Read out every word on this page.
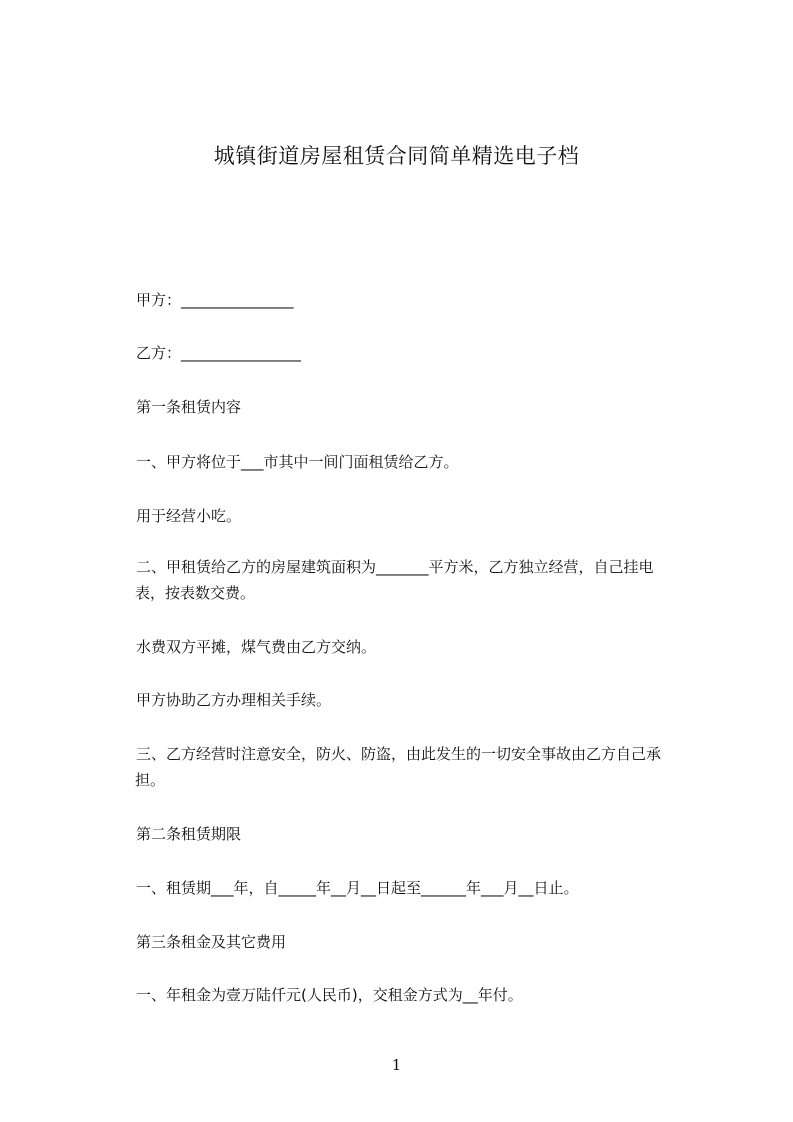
城镇街道房屋租赁合同简单精选电子档
甲方：_______________
乙方：________________
第一条租赁内容
一、甲方将位于___市其中一间门面租赁给乙方。
用于经营小吃。
二、甲租赁给乙方的房屋建筑面积为_______平方米，乙方独立经营，自己挂电
表，按表数交费。
水费双方平摊，煤气费由乙方交纳。
甲方协助乙方办理相关手续。
三、乙方经营时注意安全，防火、防盗，由此发生的一切安全事故由乙方自己承
担。
第二条租赁期限
一、租赁期___年，自_____年__月__日起至______年___月__日止。
第三条租金及其它费用
一、年租金为壹万陆仟元(人民币)，交租金方式为__年付。
1
